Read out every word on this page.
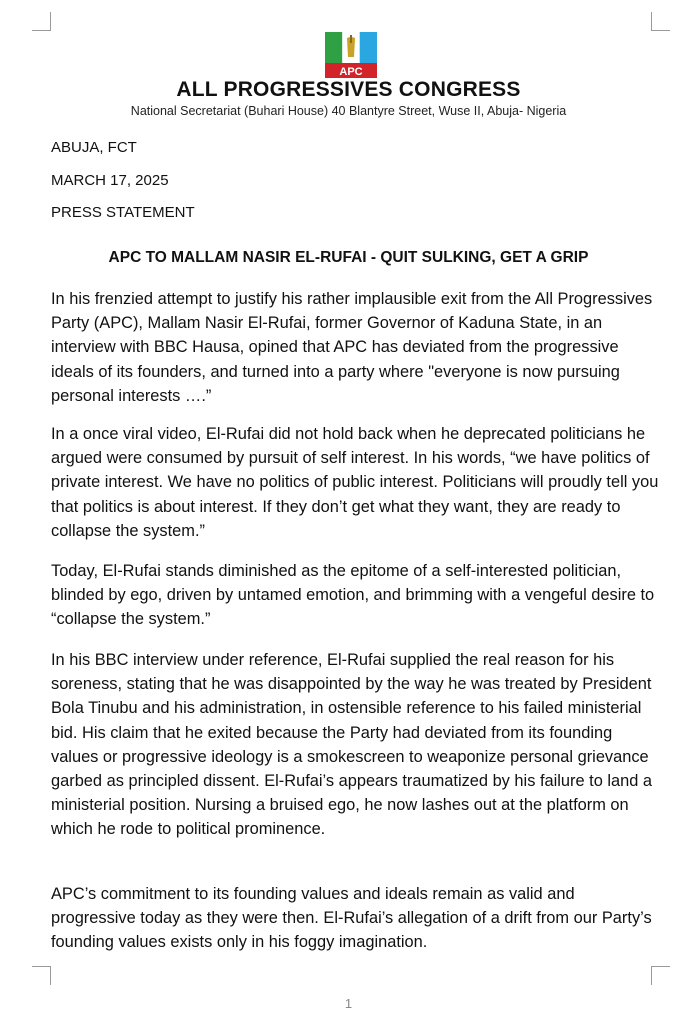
APC
ALL PROGRESSIVES CONGRESS
National Secretariat (Buhari House) 40 Blantyre Street, Wuse II, Abuja- Nigeria
ABUJA, FCT
MARCH 17, 2025
PRESS STATEMENT
APC TO MALLAM NASIR EL-RUFAI - QUIT SULKING, GET A GRIP
In his frenzied attempt to justify his rather implausible exit from the All Progressives Party (APC), Mallam Nasir El-Rufai, former Governor of Kaduna State, in an interview with BBC Hausa, opined that APC has deviated from the progressive ideals of its founders, and turned into a party where "everyone is now pursuing personal interests ….”
In a once viral video, El-Rufai did not hold back when he deprecated politicians he argued were consumed by pursuit of self interest. In his words, “we have politics of private interest. We have no politics of public interest. Politicians will proudly tell you that politics is about interest. If they don’t get what they want, they are ready to collapse the system.”
Today, El-Rufai stands diminished as the epitome of a self-interested politician, blinded by ego, driven by untamed emotion, and brimming with a vengeful desire to “collapse the system.”
In his BBC interview under reference, El-Rufai supplied the real reason for his soreness, stating that he was disappointed by the way he was treated by President Bola Tinubu and his administration, in ostensible reference to his failed ministerial bid. His claim that he exited because the Party had deviated from its founding values or progressive ideology is a smokescreen to weaponize personal grievance garbed as principled dissent. El-Rufai’s appears traumatized by his failure to land a ministerial position. Nursing a bruised ego, he now lashes out at the platform on which he rode to political prominence.
APC’s commitment to its founding values and ideals remain as valid and progressive today as they were then. El-Rufai’s allegation of a drift from our Party’s founding values exists only in his foggy imagination.
1
